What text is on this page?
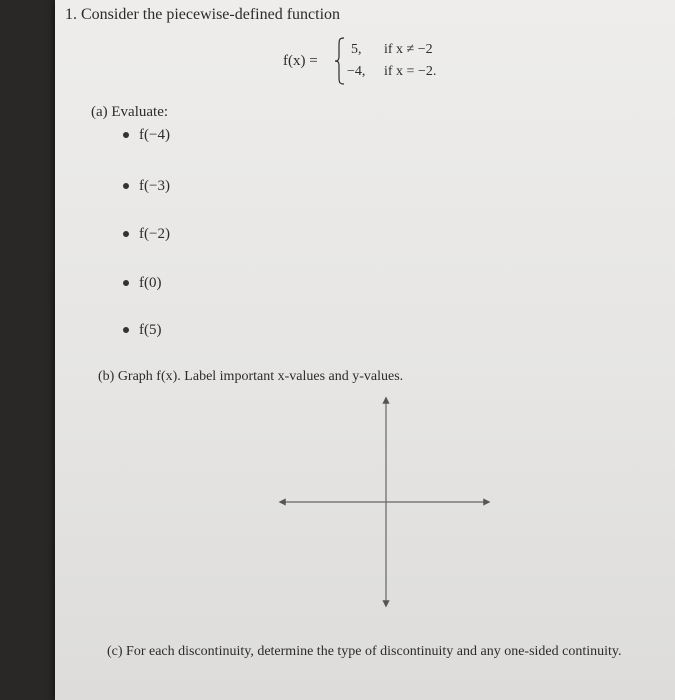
1. Consider the piecewise-defined function
f(x) =
5, if x ≠ −2
−4, if x = −2.
(a) Evaluate:
f(−4)
f(−3)
f(−2)
f(0)
f(5)
(b) Graph f(x). Label important x-values and y-values.
(c) For each discontinuity, determine the type of discontinuity and any one-sided continuity.
